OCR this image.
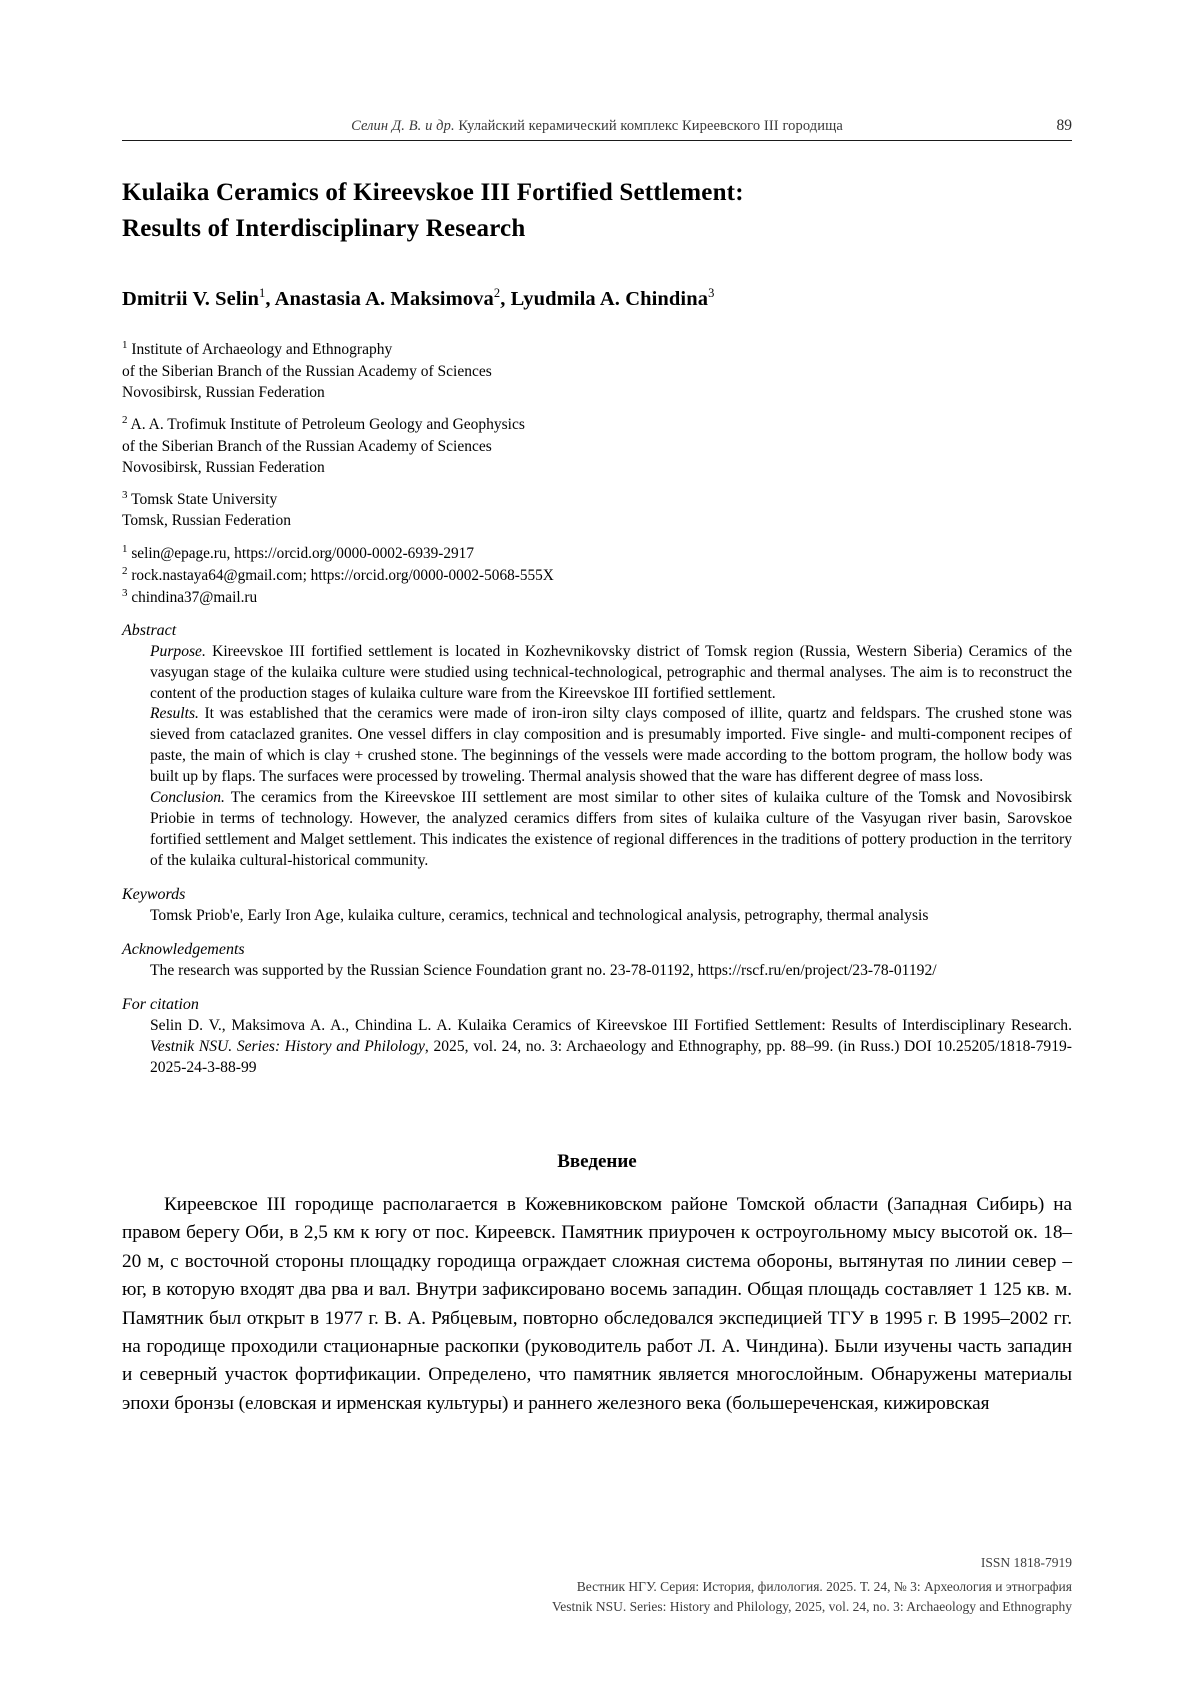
Селин Д. В. и др. Кулайский керамический комплекс Киреевского III городища	89
Kulaika Ceramics of Kireevskoe III Fortified Settlement:
Results of Interdisciplinary Research
Dmitrii V. Selin$^1$, Anastasia A. Maksimova$^2$, Lyudmila A. Chindina$^3$
$^1$ Institute of Archaeology and Ethnography
of the Siberian Branch of the Russian Academy of Sciences
Novosibirsk, Russian Federation
$^2$ A. A. Trofimuk Institute of Petroleum Geology and Geophysics
of the Siberian Branch of the Russian Academy of Sciences
Novosibirsk, Russian Federation
$^3$ Tomsk State University
Tomsk, Russian Federation
$^1$ selin@epage.ru, https://orcid.org/0000-0002-6939-2917
$^2$ rock.nastaya64@gmail.com; https://orcid.org/0000-0002-5068-555X
$^3$ chindina37@mail.ru
Abstract

Purpose. Kireevskoe III fortified settlement is located in Kozhevnikovsky district of Tomsk region (Russia, Western Siberia) Ceramics of the vasyugan stage of the kulaika culture were studied using technical-technological, petrographic and thermal analyses. The aim is to reconstruct the content of the production stages of kulaika culture ware from the Kireevskoe III fortified settlement.

Results. It was established that the ceramics were made of iron-iron silty clays composed of illite, quartz and feldspars. The crushed stone was sieved from cataclazed granites. One vessel differs in clay composition and is presumably imported. Five single- and multi-component recipes of paste, the main of which is clay + crushed stone. The beginnings of the vessels were made according to the bottom program, the hollow body was built up by flaps. The surfaces were processed by troweling. Thermal analysis showed that the ware has different degree of mass loss.

Conclusion. The ceramics from the Kireevskoe III settlement are most similar to other sites of kulaika culture of the Tomsk and Novosibirsk Priobie in terms of technology. However, the analyzed ceramics differs from sites of kulaika culture of the Vasyugan river basin, Sarovskoe fortified settlement and Malget settlement. This indicates the existence of regional differences in the traditions of pottery production in the territory of the kulaika cultural-historical community.

Keywords
Tomsk Priob'e, Early Iron Age, kulaika culture, ceramics, technical and technological analysis, petrography, thermal analysis
Acknowledgements
The research was supported by the Russian Science Foundation grant no. 23-78-01192, https://rscf.ru/en/project/23-78-01192/
For citation
Selin D. V., Maksimova A. A., Chindina L. A. Kulaika Ceramics of Kireevskoe III Fortified Settlement: Results of Interdisciplinary Research. Vestnik NSU. Series: History and Philology, 2025, vol. 24, no. 3: Archaeology and Ethnography, pp. 88–99. (in Russ.) DOI 10.25205/1818-7919-2025-24-3-88-99
Введение
Киреевское III городище располагается в Кожевниковском районе Томской области (Западная Сибирь) на правом берегу Оби, в 2,5 км к югу от пос. Киреевск. Памятник приурочен к остроугольному мысу высотой ок. 18–20 м, с восточной стороны площадку городища ограждает сложная система обороны, вытянутая по линии север – юг, в которую входят два рва и вал. Внутри зафиксировано восемь западин. Общая площадь составляет 1 125 кв. м. Памятник был открыт в 1977 г. В. А. Рябцевым, повторно обследовался экспедицией ТГУ в 1995 г. В 1995–2002 гг. на городище проходили стационарные раскопки (руководитель работ Л. А. Чиндина). Были изучены часть западин и северный участок фортификации. Определено, что памятник является многослойным. Обнаружены материалы эпохи бронзы (еловская и ирменская культуры) и раннего железного века (большереченская, кижировская
ISSN 1818-7919
Вестник НГУ. Серия: История, филология. 2025. Т. 24, № 3: Археология и этнография
Vestnik NSU. Series: History and Philology, 2025, vol. 24, no. 3: Archaeology and Ethnography
